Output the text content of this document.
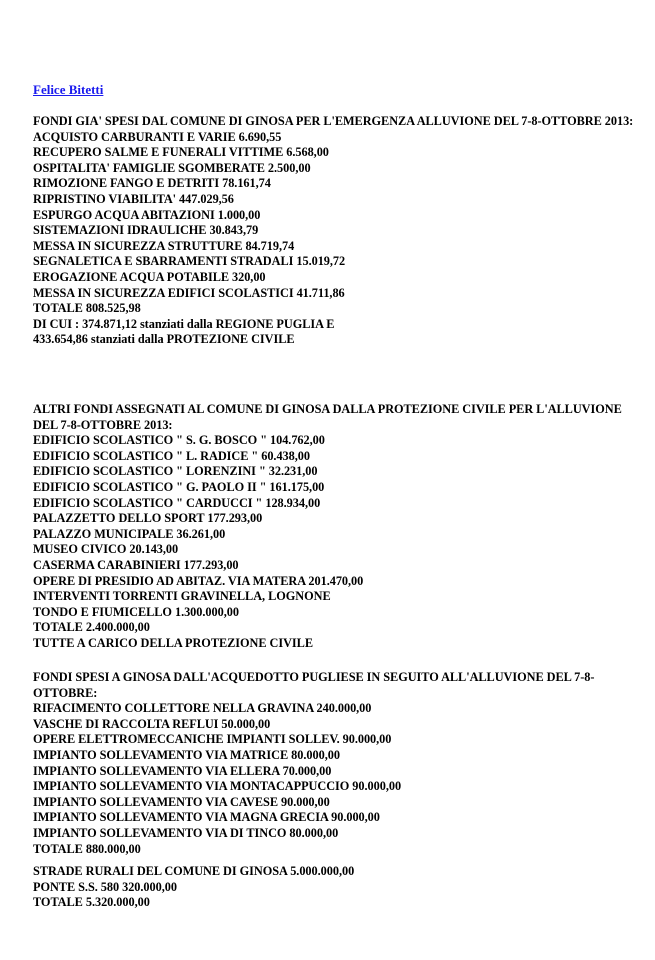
Felice Bitetti
FONDI GIA' SPESI DAL COMUNE DI GINOSA PER L'EMERGENZA ALLUVIONE DEL 7-8-OTTOBRE 2013:
ACQUISTO CARBURANTI E VARIE 6.690,55
RECUPERO SALME E FUNERALI VITTIME 6.568,00
OSPITALITA' FAMIGLIE SGOMBERATE 2.500,00
RIMOZIONE FANGO E DETRITI 78.161,74
RIPRISTINO VIABILITA' 447.029,56
ESPURGO ACQUA ABITAZIONI 1.000,00
SISTEMAZIONI IDRAULICHE 30.843,79
MESSA IN SICUREZZA STRUTTURE 84.719,74
SEGNALETICA E SBARRAMENTI STRADALI 15.019,72
EROGAZIONE ACQUA POTABILE 320,00
MESSA IN SICUREZZA EDIFICI SCOLASTICI 41.711,86
TOTALE 808.525,98
DI CUI : 374.871,12 stanziati dalla REGIONE PUGLIA E
433.654,86 stanziati dalla PROTEZIONE CIVILE
ALTRI FONDI ASSEGNATI AL COMUNE DI GINOSA DALLA PROTEZIONE CIVILE PER L'ALLUVIONE DEL 7-8-OTTOBRE 2013:
EDIFICIO SCOLASTICO " S. G. BOSCO " 104.762,00
EDIFICIO SCOLASTICO " L. RADICE " 60.438,00
EDIFICIO SCOLASTICO " LORENZINI " 32.231,00
EDIFICIO SCOLASTICO " G. PAOLO II " 161.175,00
EDIFICIO SCOLASTICO " CARDUCCI " 128.934,00
PALAZZETTO DELLO SPORT 177.293,00
PALAZZO MUNICIPALE 36.261,00
MUSEO CIVICO 20.143,00
CASERMA CARABINIERI 177.293,00
OPERE DI PRESIDIO AD ABITAZ. VIA MATERA 201.470,00
INTERVENTI TORRENTI GRAVINELLA, LOGNONE
TONDO E FIUMICELLO 1.300.000,00
TOTALE 2.400.000,00
TUTTE A CARICO DELLA PROTEZIONE CIVILE
FONDI SPESI A GINOSA DALL'ACQUEDOTTO PUGLIESE IN SEGUITO ALL'ALLUVIONE DEL 7-8-OTTOBRE:
RIFACIMENTO COLLETTORE NELLA GRAVINA 240.000,00
VASCHE DI RACCOLTA REFLUI 50.000,00
OPERE ELETTROMECCANICHE IMPIANTI SOLLEV. 90.000,00
IMPIANTO SOLLEVAMENTO VIA MATRICE 80.000,00
IMPIANTO SOLLEVAMENTO VIA ELLERA 70.000,00
IMPIANTO SOLLEVAMENTO VIA MONTACAPPUCCIO 90.000,00
IMPIANTO SOLLEVAMENTO VIA CAVESE 90.000,00
IMPIANTO SOLLEVAMENTO VIA MAGNA GRECIA 90.000,00
IMPIANTO SOLLEVAMENTO VIA DI TINCO 80.000,00
TOTALE 880.000,00
STRADE RURALI DEL COMUNE DI GINOSA 5.000.000,00
PONTE S.S. 580 320.000,00
TOTALE 5.320.000,00
